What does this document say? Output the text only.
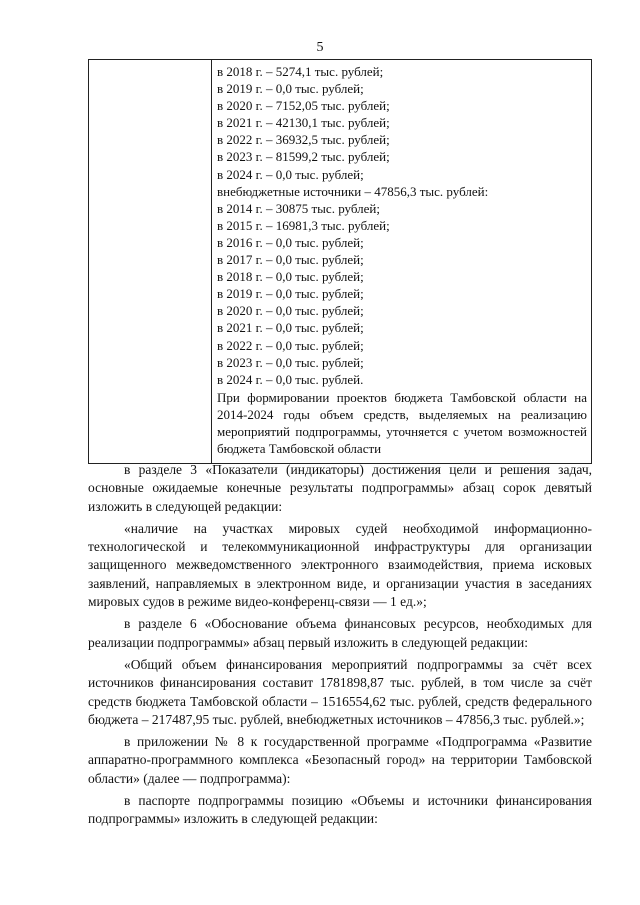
5
в 2018 г. – 5274,1 тыс. рублей;
в 2019 г. – 0,0 тыс. рублей;
в 2020 г. – 7152,05 тыс. рублей;
в 2021 г. – 42130,1 тыс. рублей;
в 2022 г. – 36932,5 тыс. рублей;
в 2023 г. – 81599,2 тыс. рублей;
в 2024 г. – 0,0 тыс. рублей;
внебюджетные источники – 47856,3 тыс. рублей:
в 2014 г. – 30875 тыс. рублей;
в 2015 г. – 16981,3 тыс. рублей;
в 2016 г. – 0,0 тыс. рублей;
в 2017 г. – 0,0 тыс. рублей;
в 2018 г. – 0,0 тыс. рублей;
в 2019 г. – 0,0 тыс. рублей;
в 2020 г. – 0,0 тыс. рублей;
в 2021 г. – 0,0 тыс. рублей;
в 2022 г. – 0,0 тыс. рублей;
в 2023 г. – 0,0 тыс. рублей;
в 2024 г. – 0,0 тыс. рублей.
При формировании проектов бюджета Тамбовской области на 2014-2024 годы объем средств, выделяемых на реализацию мероприятий подпрограммы, уточняется с учетом возможностей бюджета Тамбовской области

в разделе 3 «Показатели (индикаторы) достижения цели и решения задач, основные ожидаемые конечные результаты подпрограммы» абзац сорок девятый изложить в следующей редакции:

«наличие на участках мировых судей необходимой информационно-технологической и телекоммуникационной инфраструктуры для организации защищенного межведомственного электронного взаимодействия, приема исковых заявлений, направляемых в электронном виде, и организации участия в заседаниях мировых судов в режиме видео-конференц-связи — 1 ед.»;

в разделе 6 «Обоснование объема финансовых ресурсов, необходимых для реализации подпрограммы» абзац первый изложить в следующей редакции:

«Общий объем финансирования мероприятий подпрограммы за счёт всех источников финансирования составит 1781898,87 тыс. рублей, в том числе за счёт средств бюджета Тамбовской области – 1516554,62 тыс. рублей, средств федерального бюджета – 217487,95 тыс. рублей, внебюджетных источников – 47856,3 тыс. рублей.»;

в приложении № 8 к государственной программе «Подпрограмма «Развитие аппаратно-программного комплекса «Безопасный город» на территории Тамбовской области» (далее — подпрограмма):

в паспорте подпрограммы позицию «Объемы и источники финансирования подпрограммы» изложить в следующей редакции:
